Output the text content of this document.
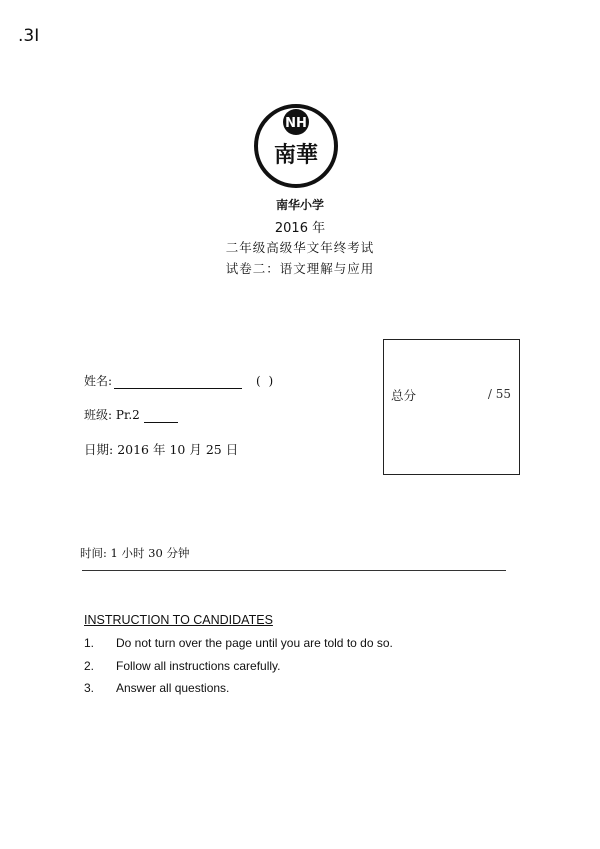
.3I
NH
南華
南华小学
2016 年
二年级高级华文年终考试
试卷二：语文理解与应用
姓名:	( )
班级: Pr.2
日期: 2016 年 10 月 25 日
总分	/ 55
时间: 1 小时 30 分钟
INSTRUCTION TO CANDIDATES
1.	Do not turn over the page until you are told to do so.
2.	Follow all instructions carefully.
3.	Answer all questions.
